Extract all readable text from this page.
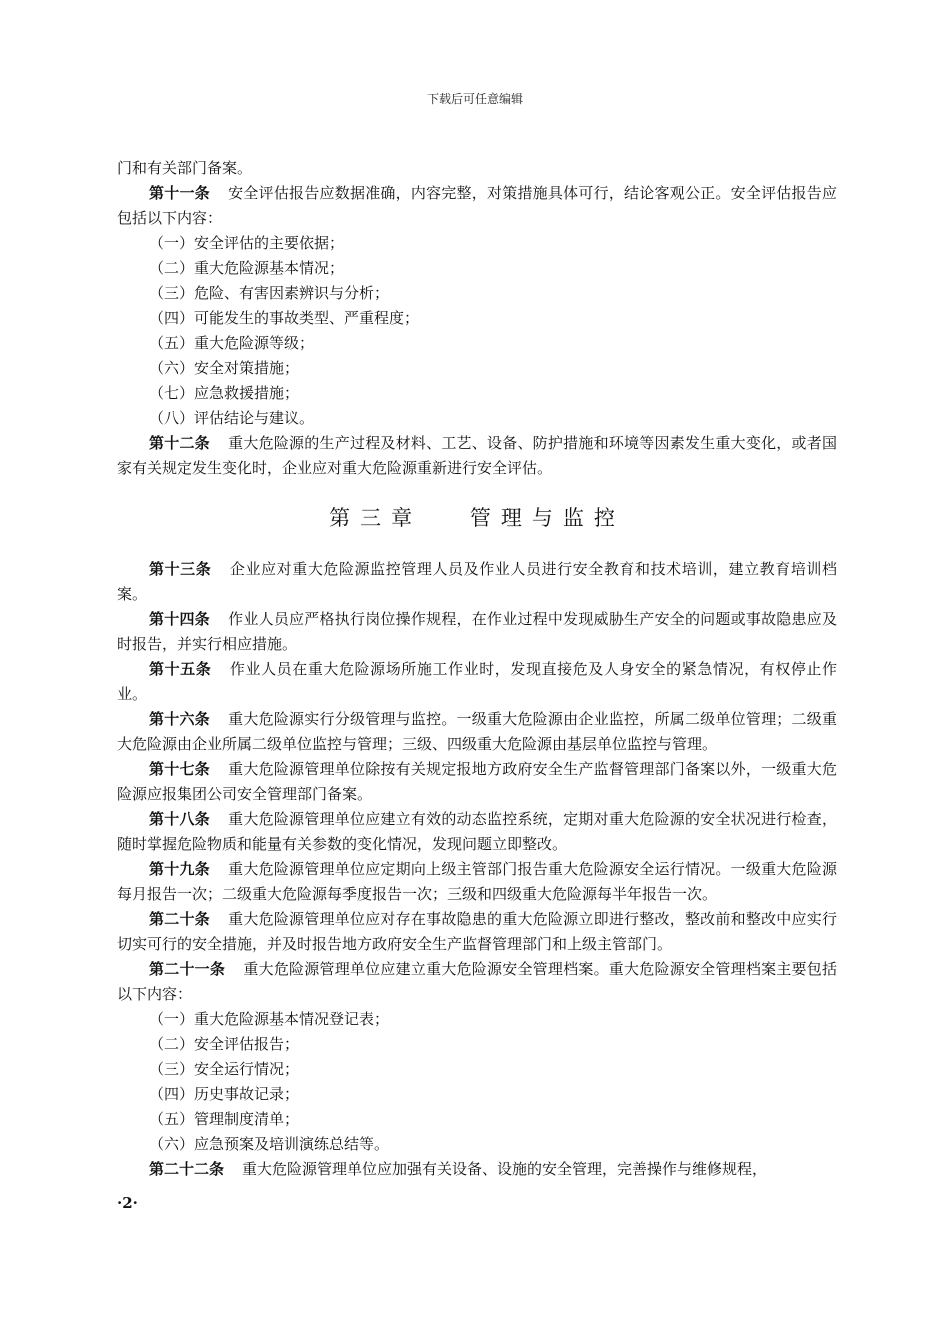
下载后可任意编辑

门和有关部门备案。

第十一条 安全评估报告应数据准确，内容完整，对策措施具体可行，结论客观公正。安全评估报告应包括以下内容：

（一）安全评估的主要依据；

（二）重大危险源基本情况；

（三）危险、有害因素辨识与分析；

（四）可能发生的事故类型、严重程度；

（五）重大危险源等级；

（六）安全对策措施；

（七）应急救援措施；

（八）评估结论与建议。

第十二条 重大危险源的生产过程及材料、工艺、设备、防护措施和环境等因素发生重大变化，或者国家有关规定发生变化时，企业应对重大危险源重新进行安全评估。

第三章　 管理与监控

第十三条 企业应对重大危险源监控管理人员及作业人员进行安全教育和技术培训，建立教育培训档案。

第十四条 作业人员应严格执行岗位操作规程，在作业过程中发现威胁生产安全的问题或事故隐患应及时报告，并实行相应措施。

第十五条 作业人员在重大危险源场所施工作业时，发现直接危及人身安全的紧急情况，有权停止作业。

第十六条 重大危险源实行分级管理与监控。一级重大危险源由企业监控，所属二级单位管理；二级重大危险源由企业所属二级单位监控与管理；三级、四级重大危险源由基层单位监控与管理。

第十七条 重大危险源管理单位除按有关规定报地方政府安全生产监督管理部门备案以外，一级重大危险源应报集团公司安全管理部门备案。

第十八条 重大危险源管理单位应建立有效的动态监控系统，定期对重大危险源的安全状况进行检查，随时掌握危险物质和能量有关参数的变化情况，发现问题立即整改。

第十九条 重大危险源管理单位应定期向上级主管部门报告重大危险源安全运行情况。一级重大危险源每月报告一次；二级重大危险源每季度报告一次；三级和四级重大危险源每半年报告一次。

第二十条 重大危险源管理单位应对存在事故隐患的重大危险源立即进行整改，整改前和整改中应实行切实可行的安全措施，并及时报告地方政府安全生产监督管理部门和上级主管部门。

第二十一条 重大危险源管理单位应建立重大危险源安全管理档案。重大危险源安全管理档案主要包括以下内容：

（一）重大危险源基本情况登记表；

（二）安全评估报告；

（三）安全运行情况；

（四）历史事故记录；

（五）管理制度清单；

（六）应急预案及培训演练总结等。

第二十二条 重大危险源管理单位应加强有关设备、设施的安全管理，完善操作与维修规程，

·2·
